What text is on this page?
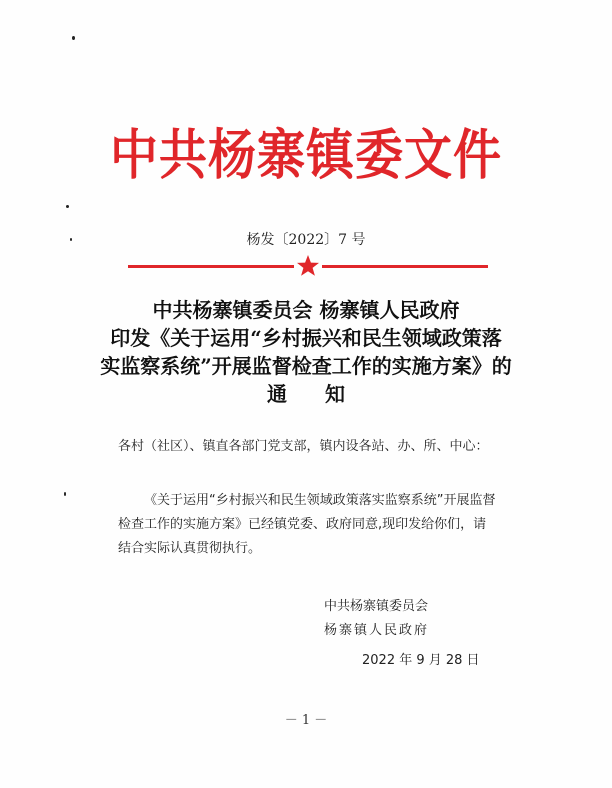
中共杨寨镇委文件
杨发〔2022〕7 号
中共杨寨镇委员会 杨寨镇人民政府
印发《关于运用“乡村振兴和民生领域政策落
实监察系统”开展监督检查工作的实施方案》的
通知
各村（社区）、镇直各部门党支部，镇内设各站、办、所、中心：
《关于运用“乡村振兴和民生领域政策落实监察系统”开展监督检查工作的实施方案》已经镇党委、政府同意,现印发给你们，请结合实际认真贯彻执行。
中共杨寨镇委员会
杨寨镇人民政府
2022 年 9 月 28 日
－ 1 －
